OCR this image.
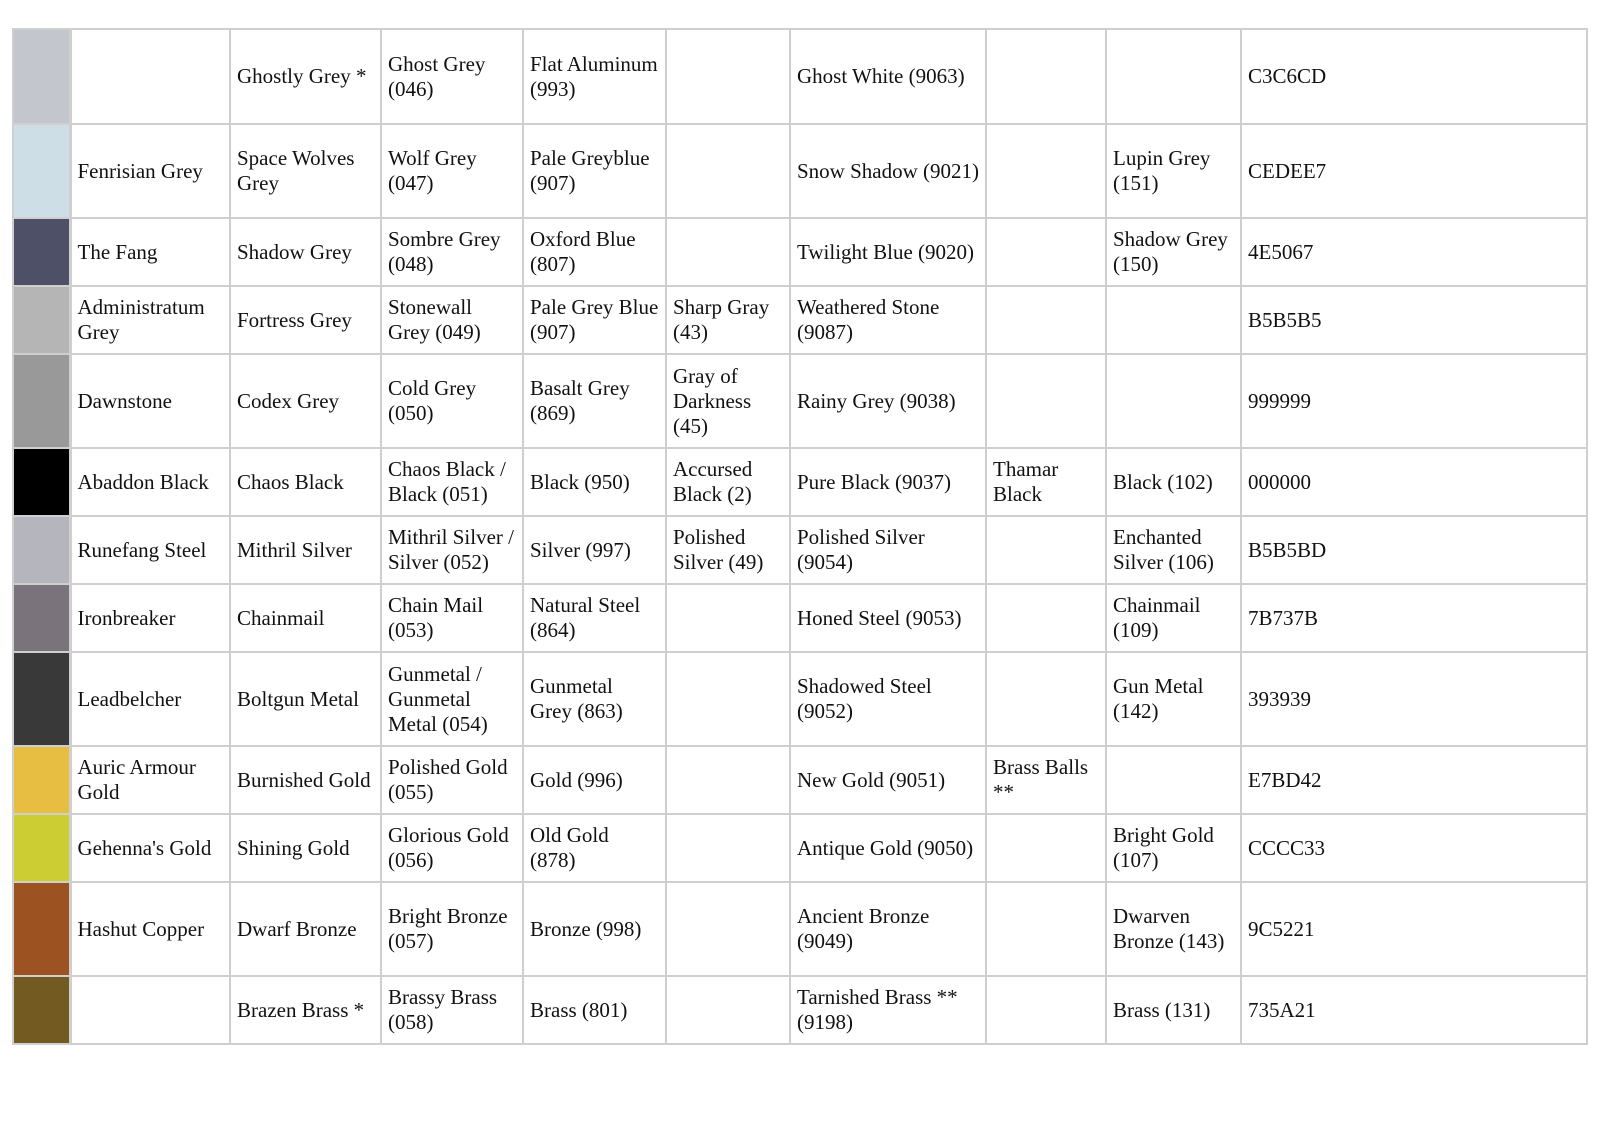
		Ghostly Grey *	Ghost Grey (046)	Flat Aluminum (993)		Ghost White (9063)			C3C6CD
	Fenrisian Grey	Space Wolves Grey	Wolf Grey (047)	Pale Greyblue (907)		Snow Shadow (9021)		Lupin Grey (151)	CEDEE7
	The Fang	Shadow Grey	Sombre Grey (048)	Oxford Blue (807)		Twilight Blue (9020)		Shadow Grey (150)	4E5067
	Administratum Grey	Fortress Grey	Stonewall Grey (049)	Pale Grey Blue (907)	Sharp Gray (43)	Weathered Stone (9087)			B5B5B5
	Dawnstone	Codex Grey	Cold Grey (050)	Basalt Grey (869)	Gray of Darkness (45)	Rainy Grey (9038)			999999
	Abaddon Black	Chaos Black	Chaos Black / Black (051)	Black (950)	Accursed Black (2)	Pure Black (9037)	Thamar Black	Black (102)	000000
	Runefang Steel	Mithril Silver	Mithril Silver / Silver (052)	Silver (997)	Polished Silver (49)	Polished Silver (9054)		Enchanted Silver (106)	B5B5BD
	Ironbreaker	Chainmail	Chain Mail (053)	Natural Steel (864)		Honed Steel (9053)		Chainmail (109)	7B737B
	Leadbelcher	Boltgun Metal	Gunmetal / Gunmetal Metal (054)	Gunmetal Grey (863)		Shadowed Steel (9052)		Gun Metal (142)	393939
	Auric Armour Gold	Burnished Gold	Polished Gold (055)	Gold (996)		New Gold (9051)	Brass Balls **		E7BD42
	Gehenna's Gold	Shining Gold	Glorious Gold (056)	Old Gold (878)		Antique Gold (9050)		Bright Gold (107)	CCCC33
	Hashut Copper	Dwarf Bronze	Bright Bronze (057)	Bronze (998)		Ancient Bronze (9049)		Dwarven Bronze (143)	9C5221
		Brazen Brass *	Brassy Brass (058)	Brass (801)		Tarnished Brass ** (9198)		Brass (131)	735A21
